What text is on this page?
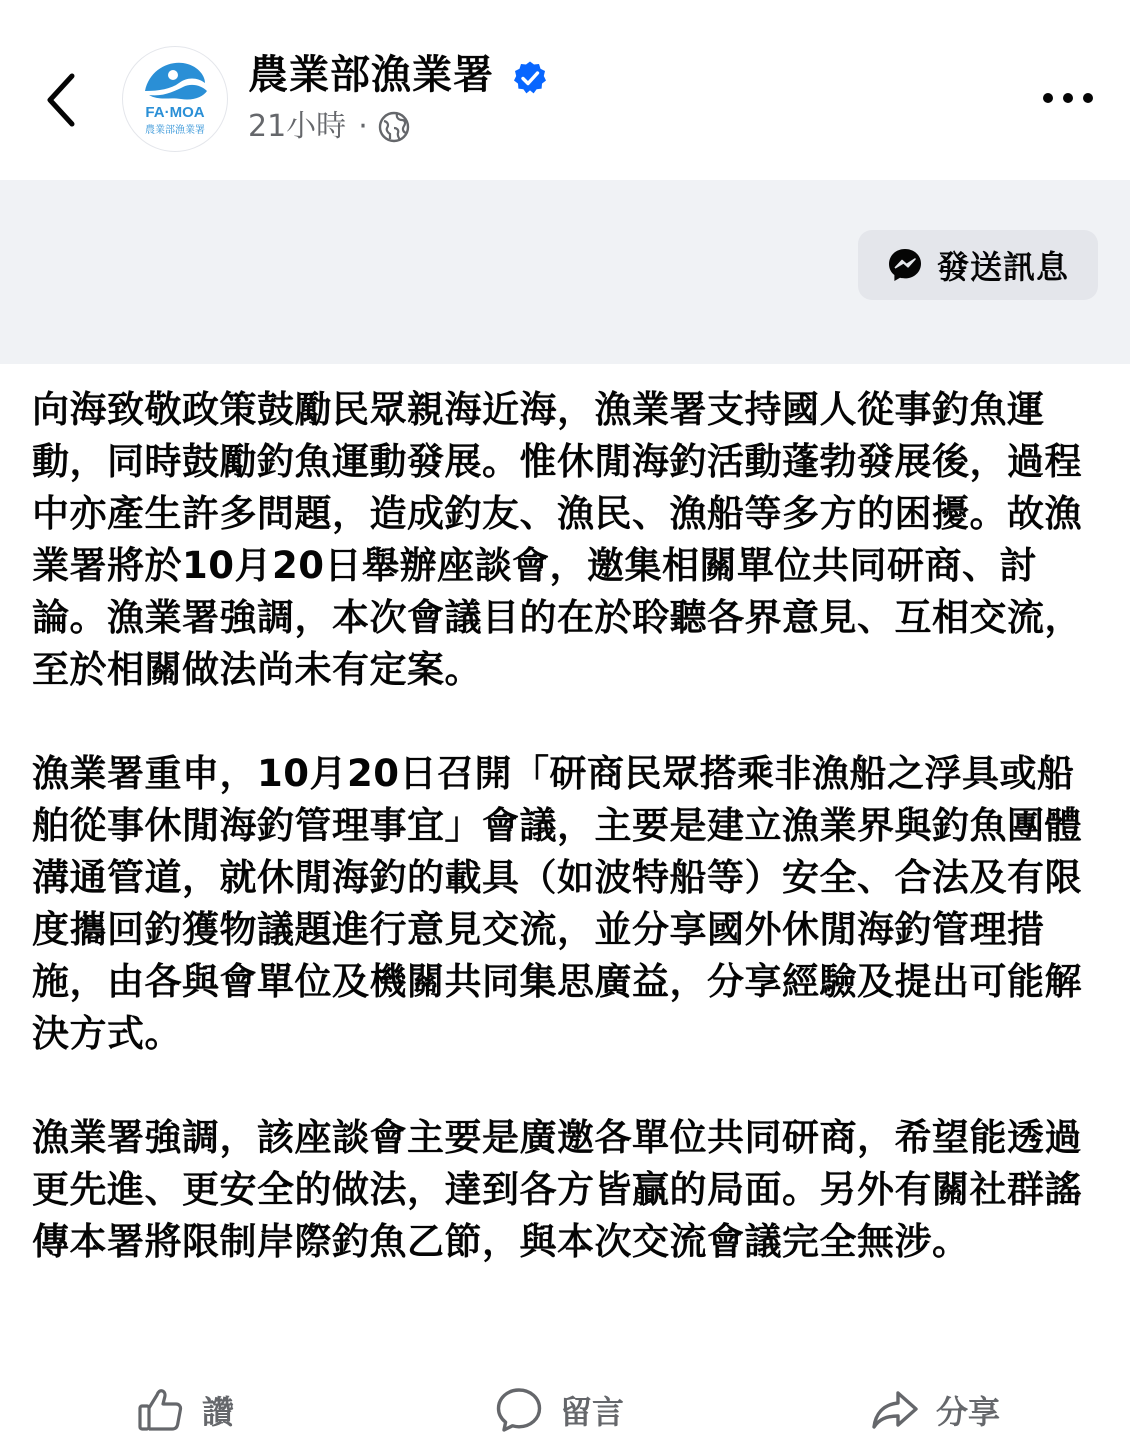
FA·MOA
農業部漁業署
農業部漁業署
21小時 ·
發送訊息

向海致敬政策鼓勵民眾親海近海，漁業署支持國人從事釣魚運動，同時鼓勵釣魚運動發展。惟休閒海釣活動蓬勃發展後，過程中亦產生許多問題，造成釣友、漁民、漁船等多方的困擾。故漁業署將於10月20日舉辦座談會，邀集相關單位共同研商、討論。漁業署強調，本次會議目的在於聆聽各界意見、互相交流，至於相關做法尚未有定案。

漁業署重申，10月20日召開「研商民眾搭乘非漁船之浮具或船舶從事休閒海釣管理事宜」會議，主要是建立漁業界與釣魚團體溝通管道，就休閒海釣的載具（如波特船等）安全、合法及有限度攜回釣獲物議題進行意見交流，並分享國外休閒海釣管理措施，由各與會單位及機關共同集思廣益，分享經驗及提出可能解決方式。

漁業署強調，該座談會主要是廣邀各單位共同研商，希望能透過更先進、更安全的做法，達到各方皆贏的局面。另外有關社群謠傳本署將限制岸際釣魚乙節，與本次交流會議完全無涉。

讚	留言	分享
